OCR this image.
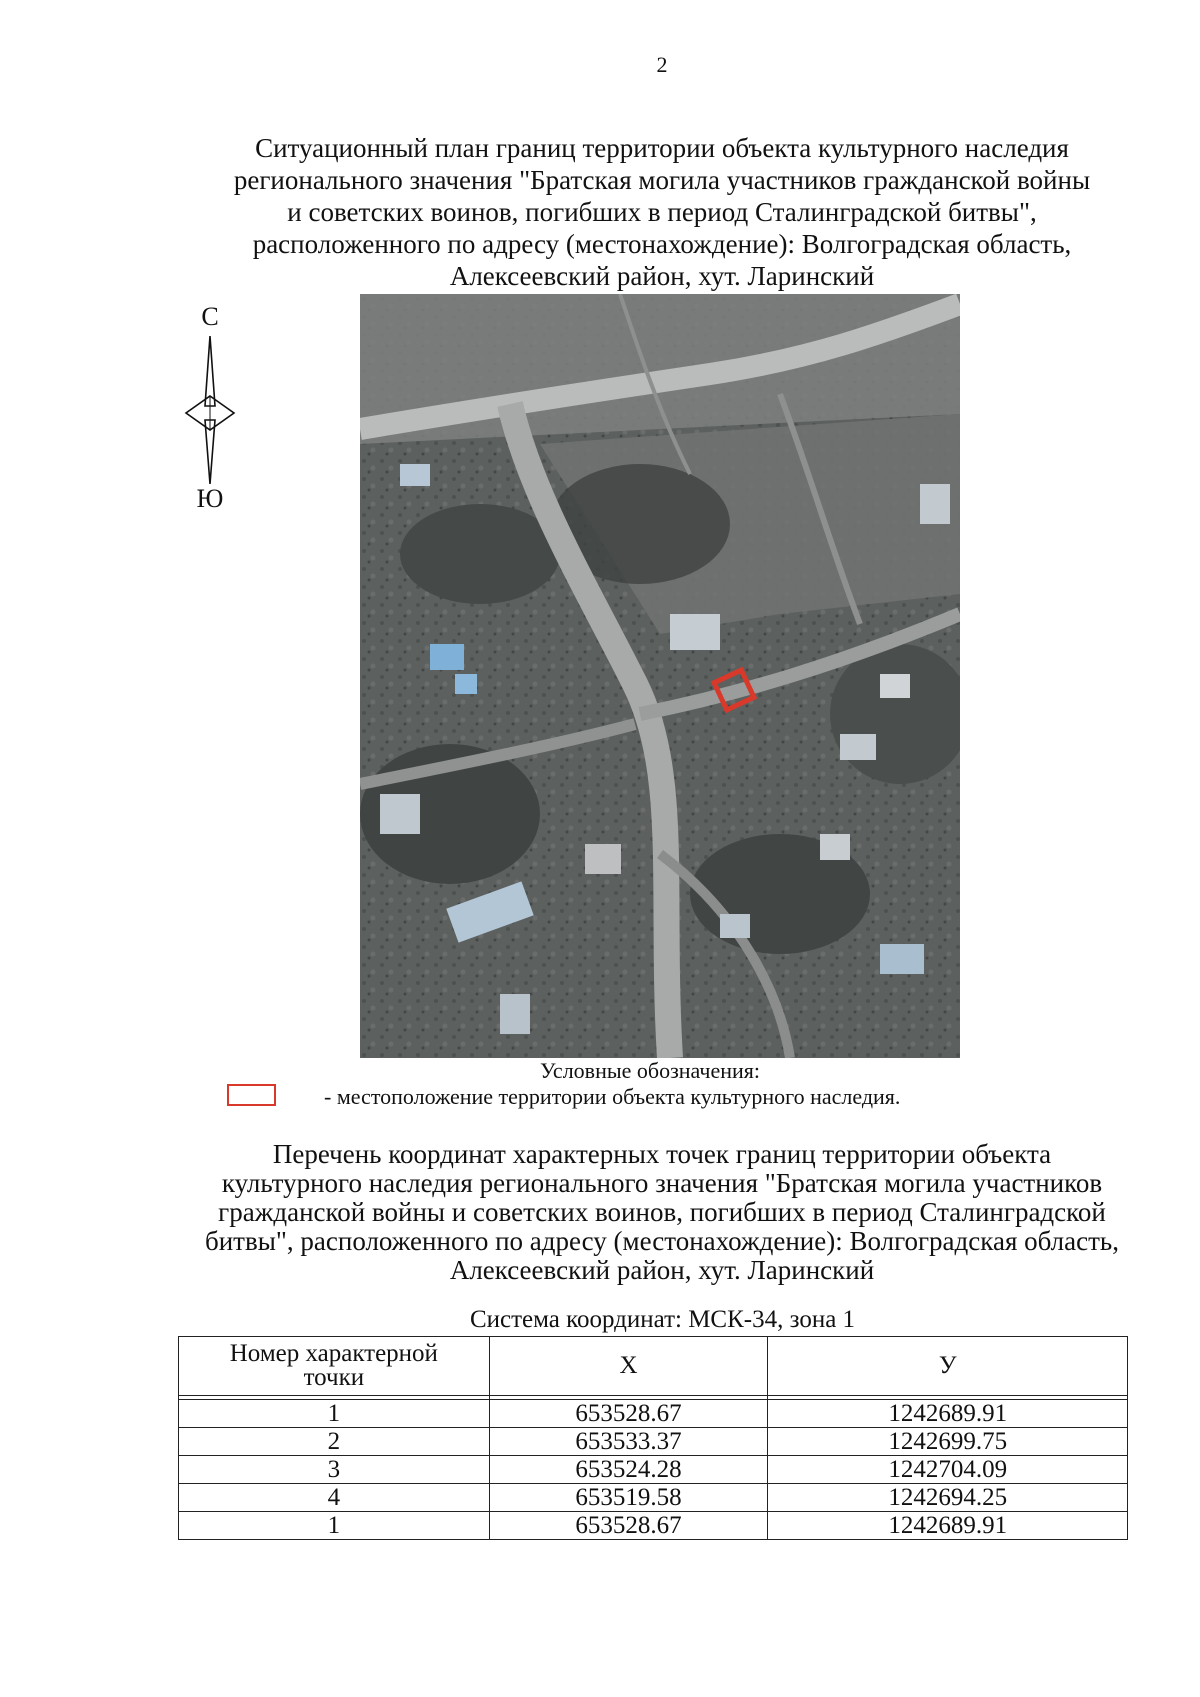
2
Ситуационный план границ территории объекта культурного наследия
регионального значения "Братская могила участников гражданской войны
и советских воинов, погибших в период Сталинградской битвы",
расположенного по адресу (местонахождение): Волгоградская область,
Алексеевский район, хут. Ларинский
С
Ю
Условные обозначения:
- местоположение территории объекта культурного наследия.
Перечень координат характерных точек границ территории объекта
культурного наследия регионального значения "Братская могила участников
гражданской войны и советских воинов, погибших в период Сталинградской
битвы", расположенного по адресу (местонахождение): Волгоградская область,
Алексеевский район, хут. Ларинский
Система координат: МСК-34, зона 1
Номер характерной
точки	X	У

1	653528.67	1242689.91
2	653533.37	1242699.75
3	653524.28	1242704.09
4	653519.58	1242694.25
1	653528.67	1242689.91
